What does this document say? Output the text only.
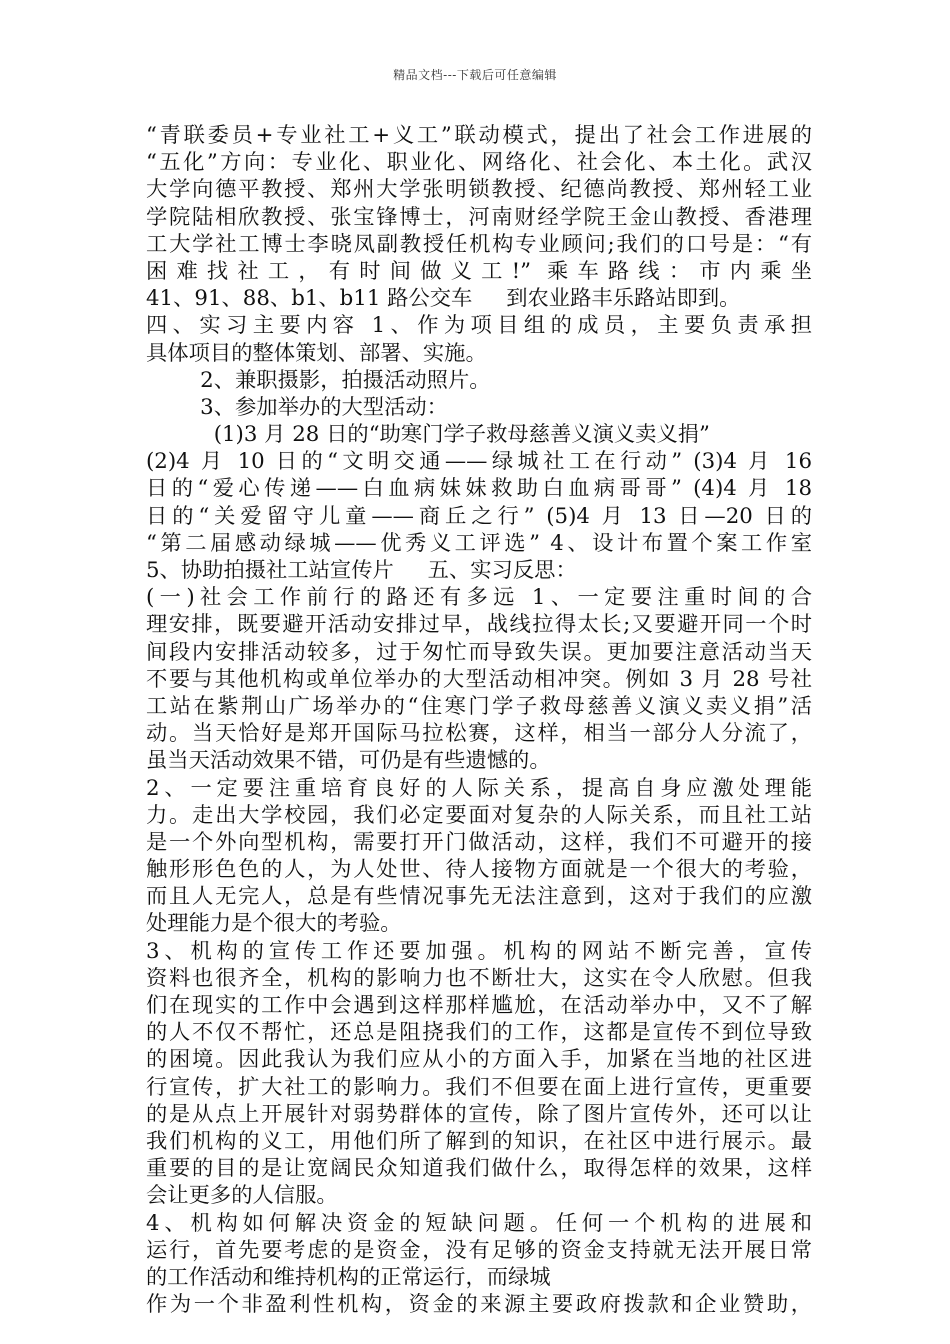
精品文档---下载后可任意编辑
“青联委员+专业社工+义工”联动模式，提出了社会工作进展的
“五化”方向：专业化、职业化、网络化、社会化、本土化。武汉
大学向德平教授、郑州大学张明锁教授、纪德尚教授、郑州轻工业
学院陆相欣教授、张宝锋博士，河南财经学院王金山教授、香港理
工大学社工博士李晓凤副教授任机构专业顾问;我们的口号是：“有
困难找社工，有时间做义工!” 乘车路线：市内乘坐
41、91、88、b1、b11 路公交车     到农业路丰乐路站即到。
四、实习主要内容 1、作为项目组的成员，主要负责承担
具体项目的整体策划、部署、实施。
2、兼职摄影，拍摄活动照片。
3、参加举办的大型活动：
(1)3 月 28 日的“助寒门学子救母慈善义演义卖义捐”
(2)4 月 10 日的“文明交通——绿城社工在行动” (3)4 月 16
日的“爱心传递——白血病妹妹救助白血病哥哥” (4)4 月 18
日的“关爱留守儿童——商丘之行” (5)4 月 13 日—20 日的
“第二届感动绿城——优秀义工评选” 4、设计布置个案工作室
5、协助拍摄社工站宣传片     五、实习反思：
(一)社会工作前行的路还有多远 1、一定要注重时间的合
理安排，既要避开活动安排过早，战线拉得太长;又要避开同一个时
间段内安排活动较多，过于匆忙而导致失误。更加要注意活动当天
不要与其他机构或单位举办的大型活动相冲突。例如 3 月 28 号社
工站在紫荆山广场举办的“住寒门学子救母慈善义演义卖义捐”活
动。当天恰好是郑开国际马拉松赛，这样，相当一部分人分流了，
虽当天活动效果不错，可仍是有些遗憾的。
2、一定要注重培育良好的人际关系，提高自身应激处理能
力。走出大学校园，我们必定要面对复杂的人际关系，而且社工站
是一个外向型机构，需要打开门做活动，这样，我们不可避开的接
触形形色色的人，为人处世、待人接物方面就是一个很大的考验，
而且人无完人，总是有些情况事先无法注意到，这对于我们的应激
处理能力是个很大的考验。
3、机构的宣传工作还要加强。机构的网站不断完善，宣传
资料也很齐全，机构的影响力也不断壮大，这实在令人欣慰。但我
们在现实的工作中会遇到这样那样尴尬，在活动举办中，又不了解
的人不仅不帮忙，还总是阻挠我们的工作，这都是宣传不到位导致
的困境。因此我认为我们应从小的方面入手，加紧在当地的社区进
行宣传，扩大社工的影响力。我们不但要在面上进行宣传，更重要
的是从点上开展针对弱势群体的宣传，除了图片宣传外，还可以让
我们机构的义工，用他们所了解到的知识，在社区中进行展示。最
重要的目的是让宽阔民众知道我们做什么，取得怎样的效果，这样
会让更多的人信服。
4、机构如何解决资金的短缺问题。任何一个机构的进展和
运行，首先要考虑的是资金，没有足够的资金支持就无法开展日常
的工作活动和维持机构的正常运行，而绿城
作为一个非盈利性机构，资金的来源主要政府拨款和企业赞助，
